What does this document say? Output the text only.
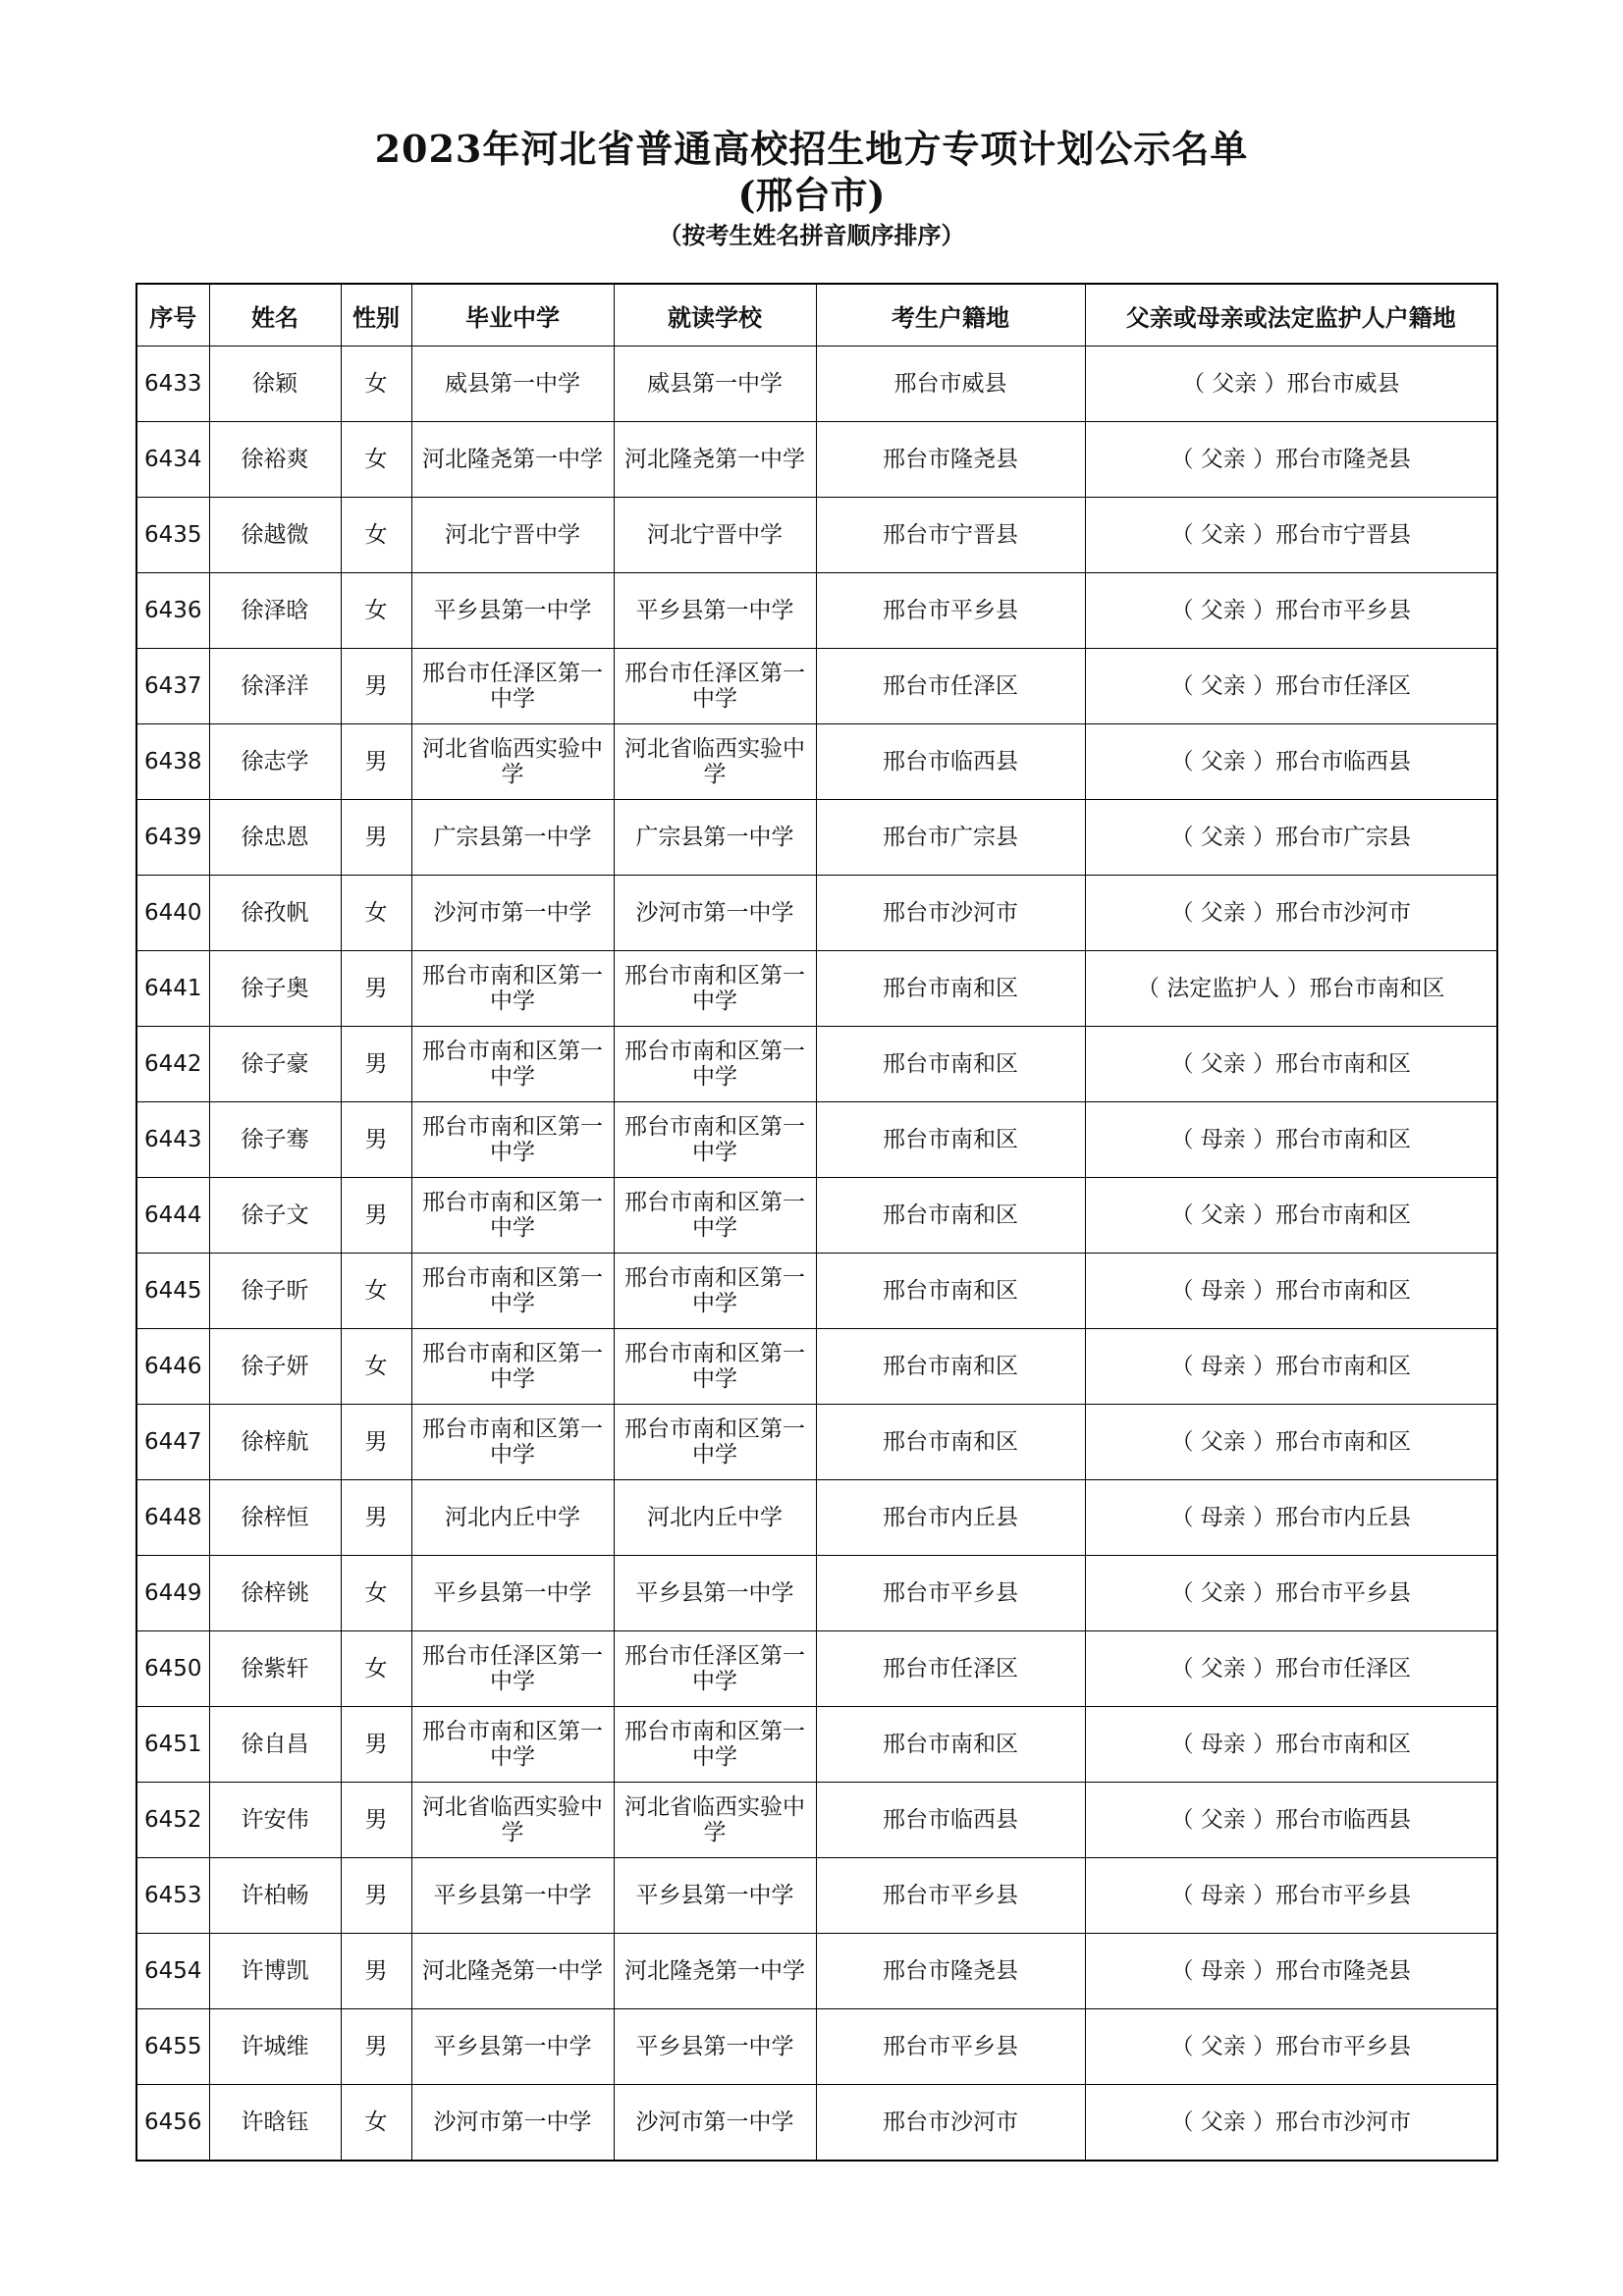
2023年河北省普通高校招生地方专项计划公示名单
(邢台市)
（按考生姓名拼音顺序排序）
序号	姓名	性别	毕业中学	就读学校	考生户籍地	父亲或母亲或法定监护人户籍地
6433	徐颖	女	威县第一中学	威县第一中学	邢台市威县	（ 父亲 ）邢台市威县
6434	徐裕爽	女	河北隆尧第一中学	河北隆尧第一中学	邢台市隆尧县	（ 父亲 ）邢台市隆尧县
6435	徐越微	女	河北宁晋中学	河北宁晋中学	邢台市宁晋县	（ 父亲 ）邢台市宁晋县
6436	徐泽晗	女	平乡县第一中学	平乡县第一中学	邢台市平乡县	（ 父亲 ）邢台市平乡县
6437	徐泽洋	男	邢台市任泽区第一中学	邢台市任泽区第一中学	邢台市任泽区	（ 父亲 ）邢台市任泽区
6438	徐志学	男	河北省临西实验中学	河北省临西实验中学	邢台市临西县	（ 父亲 ）邢台市临西县
6439	徐忠恩	男	广宗县第一中学	广宗县第一中学	邢台市广宗县	（ 父亲 ）邢台市广宗县
6440	徐孜帆	女	沙河市第一中学	沙河市第一中学	邢台市沙河市	（ 父亲 ）邢台市沙河市
6441	徐子奥	男	邢台市南和区第一中学	邢台市南和区第一中学	邢台市南和区	（ 法定监护人 ）邢台市南和区
6442	徐子豪	男	邢台市南和区第一中学	邢台市南和区第一中学	邢台市南和区	（ 父亲 ）邢台市南和区
6443	徐子骞	男	邢台市南和区第一中学	邢台市南和区第一中学	邢台市南和区	（ 母亲 ）邢台市南和区
6444	徐子文	男	邢台市南和区第一中学	邢台市南和区第一中学	邢台市南和区	（ 父亲 ）邢台市南和区
6445	徐子昕	女	邢台市南和区第一中学	邢台市南和区第一中学	邢台市南和区	（ 母亲 ）邢台市南和区
6446	徐子妍	女	邢台市南和区第一中学	邢台市南和区第一中学	邢台市南和区	（ 母亲 ）邢台市南和区
6447	徐梓航	男	邢台市南和区第一中学	邢台市南和区第一中学	邢台市南和区	（ 父亲 ）邢台市南和区
6448	徐梓恒	男	河北内丘中学	河北内丘中学	邢台市内丘县	（ 母亲 ）邢台市内丘县
6449	徐梓铫	女	平乡县第一中学	平乡县第一中学	邢台市平乡县	（ 父亲 ）邢台市平乡县
6450	徐紫轩	女	邢台市任泽区第一中学	邢台市任泽区第一中学	邢台市任泽区	（ 父亲 ）邢台市任泽区
6451	徐自昌	男	邢台市南和区第一中学	邢台市南和区第一中学	邢台市南和区	（ 母亲 ）邢台市南和区
6452	许安伟	男	河北省临西实验中学	河北省临西实验中学	邢台市临西县	（ 父亲 ）邢台市临西县
6453	许柏畅	男	平乡县第一中学	平乡县第一中学	邢台市平乡县	（ 母亲 ）邢台市平乡县
6454	许博凯	男	河北隆尧第一中学	河北隆尧第一中学	邢台市隆尧县	（ 母亲 ）邢台市隆尧县
6455	许城维	男	平乡县第一中学	平乡县第一中学	邢台市平乡县	（ 父亲 ）邢台市平乡县
6456	许晗钰	女	沙河市第一中学	沙河市第一中学	邢台市沙河市	（ 父亲 ）邢台市沙河市
